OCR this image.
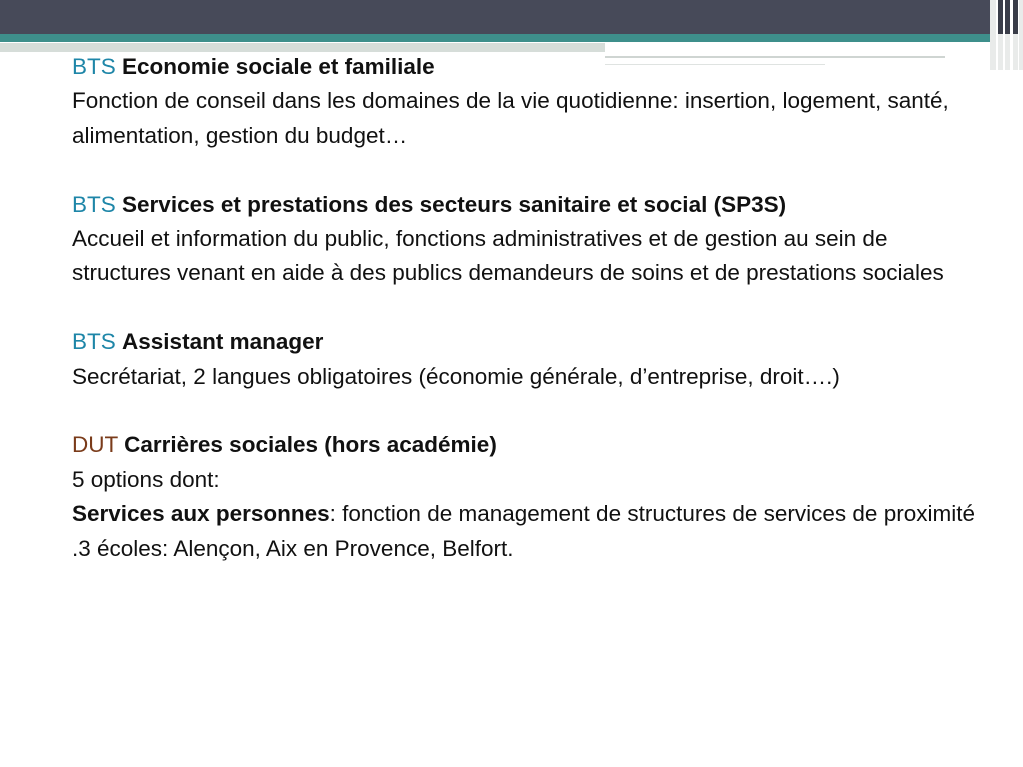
BTS Economie sociale et familiale
Fonction de conseil dans les domaines de la vie quotidienne: insertion, logement, santé, alimentation, gestion du budget…
BTS Services et prestations des secteurs sanitaire et social (SP3S)
Accueil et information du public, fonctions administratives et de gestion au sein de structures venant en aide à des publics demandeurs de soins et de prestations sociales
BTS Assistant manager
Secrétariat, 2 langues obligatoires (économie générale, d’entreprise, droit….)
DUT Carrières sociales (hors académie)
5 options dont:
Services aux personnes: fonction de management de structures de services de proximité .3 écoles: Alençon, Aix en Provence, Belfort.
